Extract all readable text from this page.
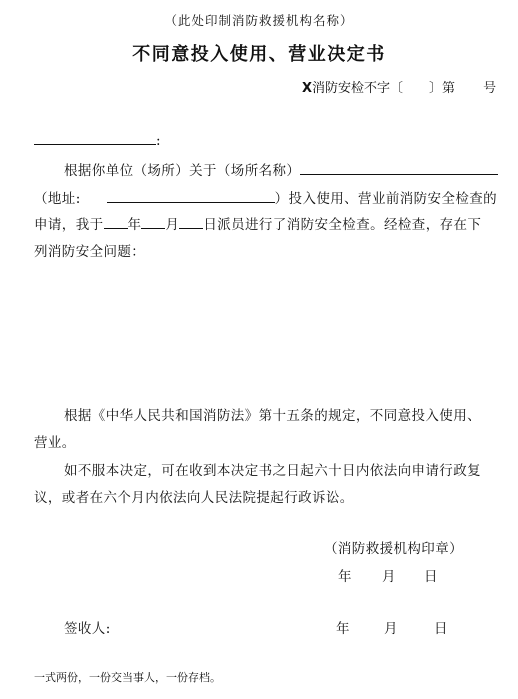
（此处印制消防救援机构名称）
不同意投入使用、营业决定书
X消防安检不字〔 〕第 号
:
根据你单位（场所）关于（场所名称）
（地址:	）投入使用、营业前消防安全检查的
申请，我于 年 月 日派员进行了消防安全检查。经检查，存在下
列消防安全问题：
根据《中华人民共和国消防法》第十五条的规定，不同意投入使用、
营业。
如不服本决定，可在收到本决定书之日起六十日内依法向申请行政复
议，或者在六个月内依法向人民法院提起行政诉讼。
（消防救援机构印章）
年 月 日
签收人:	年	月	日
一式两份，一份交当事人，一份存档。
